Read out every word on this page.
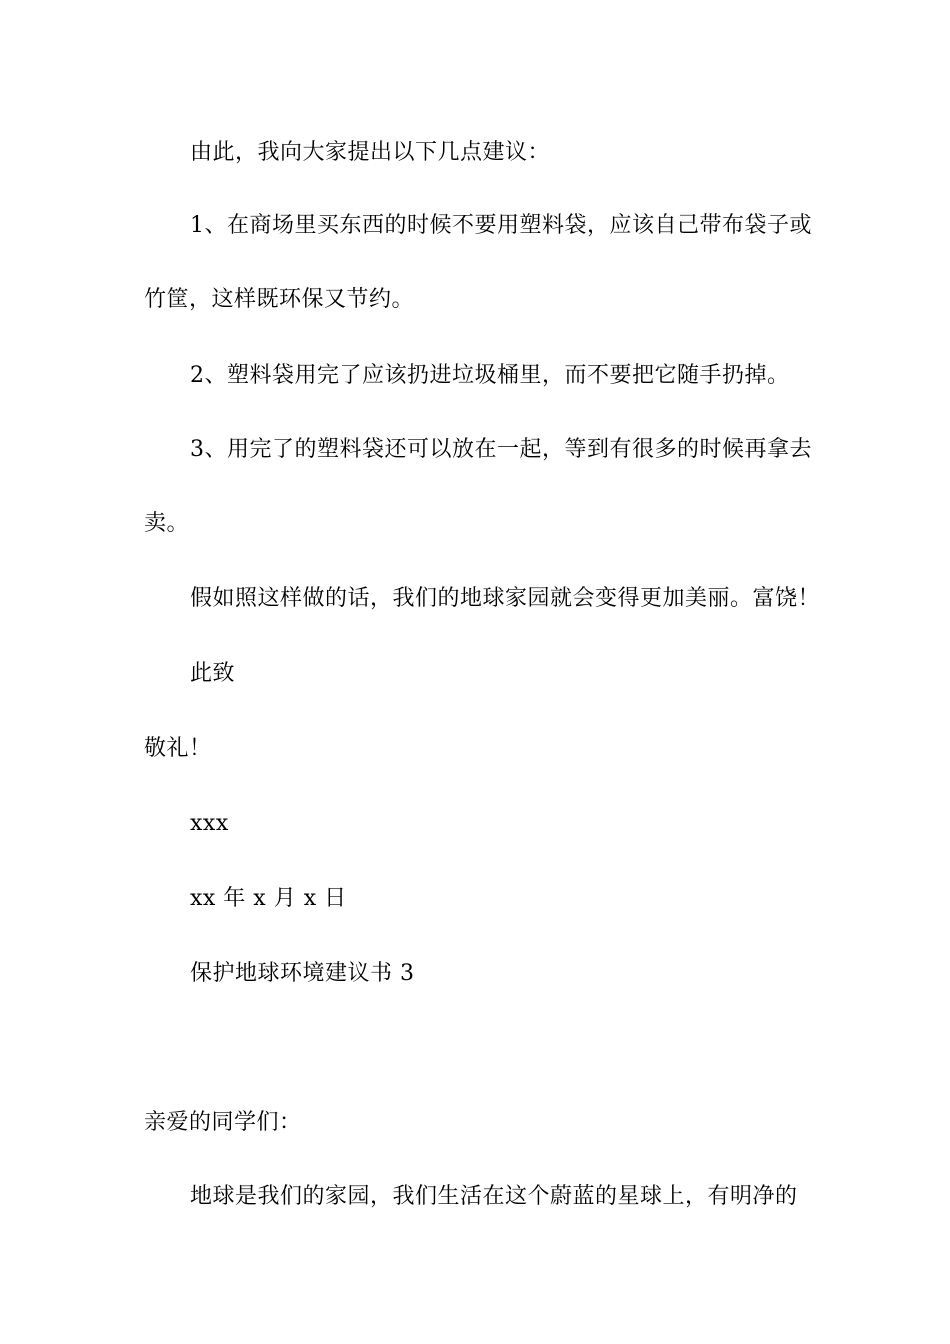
由此，我向大家提出以下几点建议：
1、在商场里买东西的时候不要用塑料袋，应该自己带布袋子或
竹筐，这样既环保又节约。
2、塑料袋用完了应该扔进垃圾桶里，而不要把它随手扔掉。
3、用完了的塑料袋还可以放在一起，等到有很多的时候再拿去
卖。
假如照这样做的话，我们的地球家园就会变得更加美丽。富饶！
此致
敬礼！
xxx
xx 年 x 月 x 日
保护地球环境建议书 3
亲爱的同学们：
地球是我们的家园，我们生活在这个蔚蓝的星球上，有明净的
